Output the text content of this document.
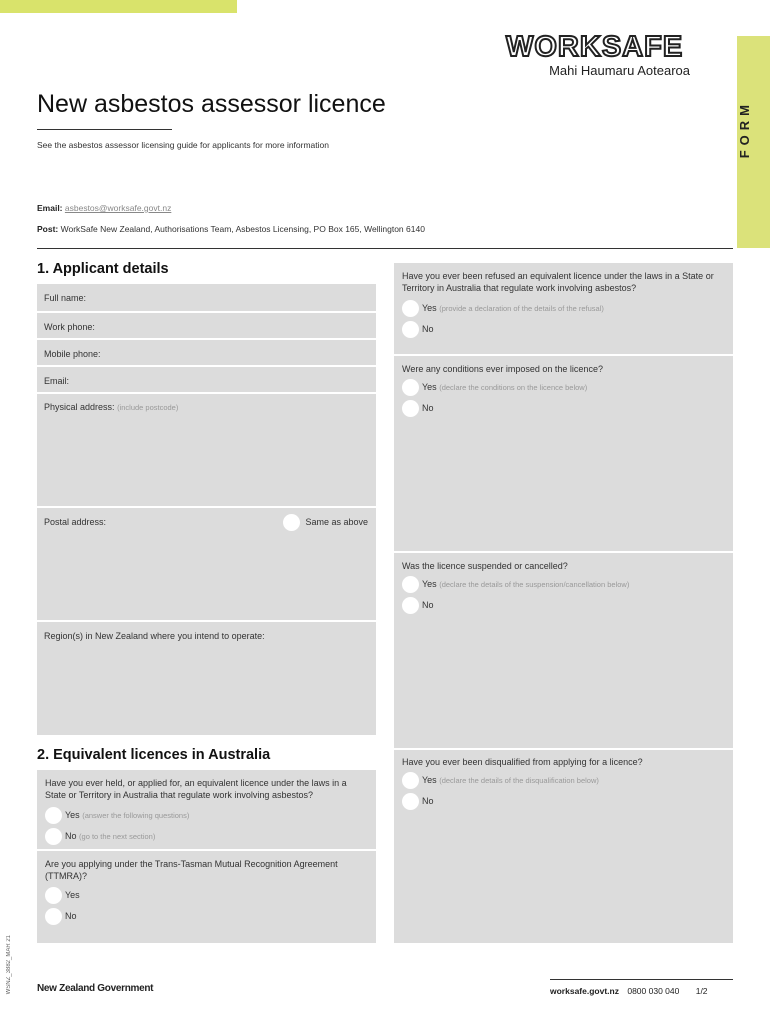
FORM
WORKSAFE
Mahi Haumaru Aotearoa
New asbestos assessor licence
See the asbestos assessor licensing guide for applicants for more information
Email: asbestos@worksafe.govt.nz
Post: WorkSafe New Zealand, Authorisations Team, Asbestos Licensing, PO Box 165, Wellington 6140
1. Applicant details
Full name:
Work phone:
Mobile phone:
Email:
Physical address: (include postcode)
Postal address:	Same as above
Region(s) in New Zealand where you intend to operate:
2. Equivalent licences in Australia
Have you ever held, or applied for, an equivalent licence under the laws in a State or Territory in Australia that regulate work involving asbestos?
Yes (answer the following questions)
No (go to the next section)
Are you applying under the Trans-Tasman Mutual Recognition Agreement (TTMRA)?
Yes
No
Have you ever been refused an equivalent licence under the laws in a State or Territory in Australia that regulate work involving asbestos?
Yes (provide a declaration of the details of the refusal)
No
Were any conditions ever imposed on the licence?
Yes (declare the conditions on the licence below)
No
Was the licence suspended or cancelled?
Yes (declare the details of the suspension/cancellation below)
No
Have you ever been disqualified from applying for a licence?
Yes (declare the details of the disqualification below)
No
WSNZ_3882_MAR 21	New Zealand Government	worksafe.govt.nz 0800 030 040 1/2
